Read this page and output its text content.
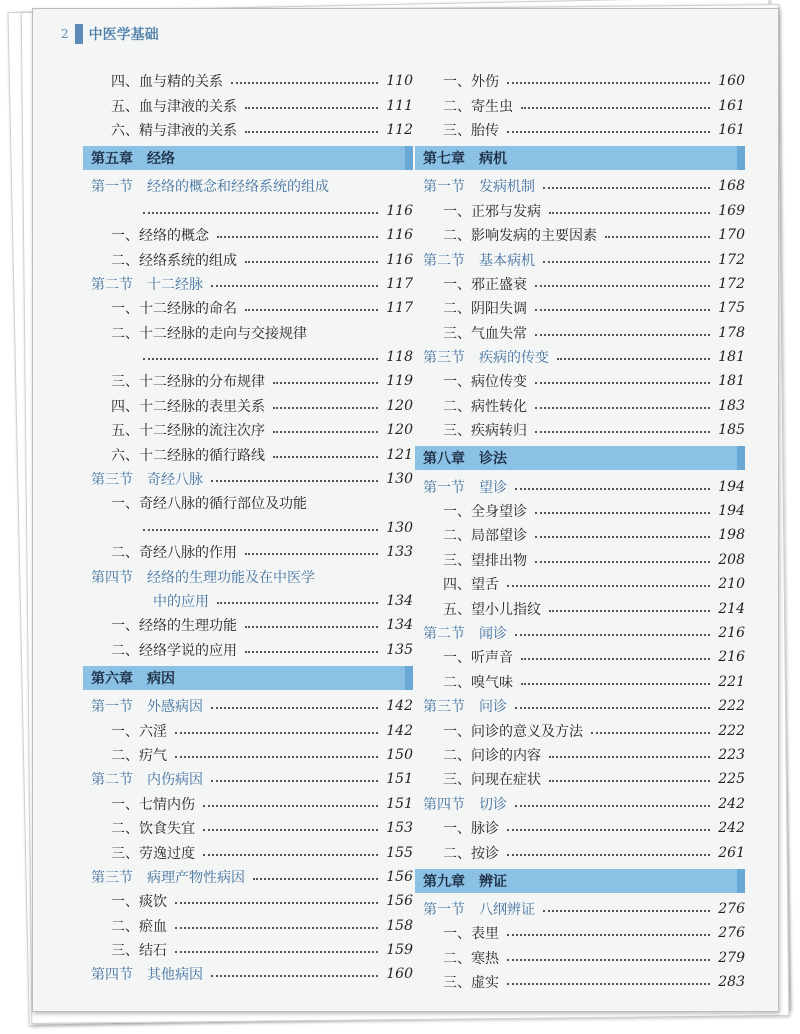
2 中医学基础
四、血与精的关系	110
五、血与津液的关系	111
六、精与津液的关系	112
第五章　经络
第一节　经络的概念和经络系统的组成
116
一、经络的概念	116
二、经络系统的组成	116
第二节　十二经脉	117
一、十二经脉的命名	117
二、十二经脉的走向与交接规律
118
三、十二经脉的分布规律	119
四、十二经脉的表里关系	120
五、十二经脉的流注次序	120
六、十二经脉的循行路线	121
第三节　奇经八脉	130
一、奇经八脉的循行部位及功能
130
二、奇经八脉的作用	133
第四节　经络的生理功能及在中医学
中的应用	134
一、经络的生理功能	134
二、经络学说的应用	135
第六章　病因
第一节　外感病因	142
一、六淫	142
二、疠气	150
第二节　内伤病因	151
一、七情内伤	151
二、饮食失宜	153
三、劳逸过度	155
第三节　病理产物性病因	156
一、痰饮	156
二、瘀血	158
三、结石	159
第四节　其他病因	160
一、外伤	160
二、寄生虫	161
三、胎传	161
第七章　病机
第一节　发病机制	168
一、正邪与发病	169
二、影响发病的主要因素	170
第二节　基本病机	172
一、邪正盛衰	172
二、阴阳失调	175
三、气血失常	178
第三节　疾病的传变	181
一、病位传变	181
二、病性转化	183
三、疾病转归	185
第八章　诊法
第一节　望诊	194
一、全身望诊	194
二、局部望诊	198
三、望排出物	208
四、望舌	210
五、望小儿指纹	214
第二节　闻诊	216
一、听声音	216
二、嗅气味	221
第三节　问诊	222
一、问诊的意义及方法	222
二、问诊的内容	223
三、问现在症状	225
第四节　切诊	242
一、脉诊	242
二、按诊	261
第九章　辨证
第一节　八纲辨证	276
一、表里	276
二、寒热	279
三、虚实	283
